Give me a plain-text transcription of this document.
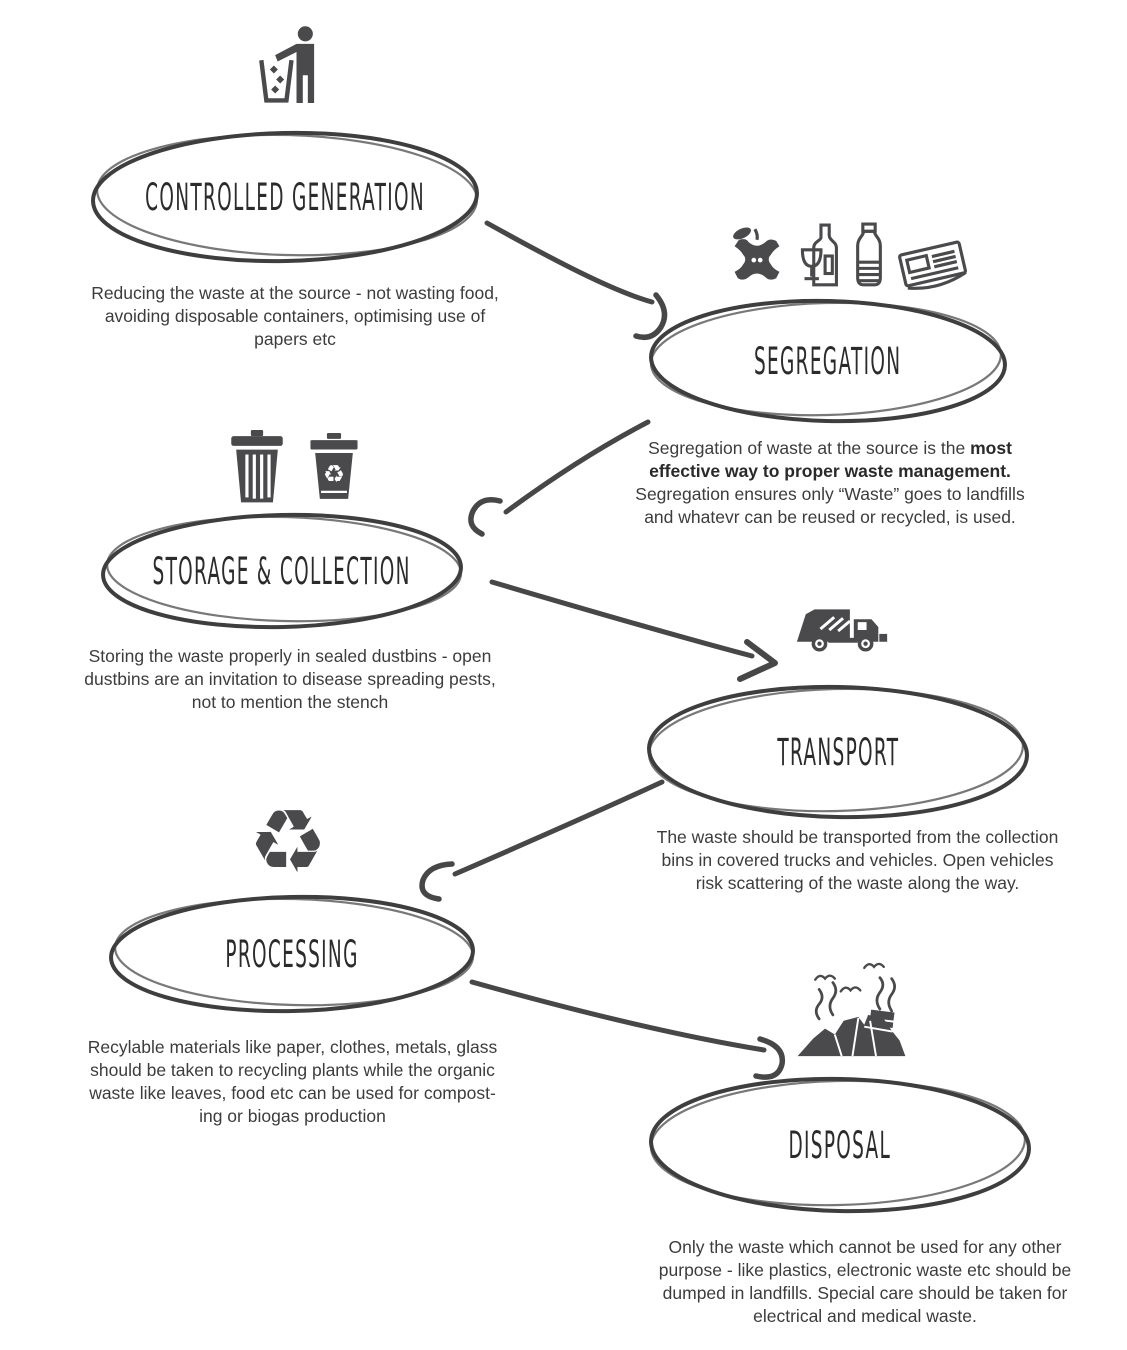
CONTROLLED GENERATION
Reducing the waste at the source - not wasting food,
avoiding disposable containers, optimising use of
papers etc
SEGREGATION
Segregation of waste at the source is the most
effective way to proper waste management.
Segregation ensures only “Waste” goes to landfills
and whatevr can be reused or recycled, is used.
♻
STORAGE & COLLECTION
Storing the waste properly in sealed dustbins - open
dustbins are an invitation to disease spreading pests,
not to mention the stench
TRANSPORT
The waste should be transported from the collection
bins in covered trucks and vehicles. Open vehicles
risk scattering of the waste along the way.
♻
PROCESSING
Recylable materials like paper, clothes, metals, glass
should be taken to recycling plants while the organic
waste like leaves, food etc can be used for compost-
ing or biogas production
DISPOSAL
Only the waste which cannot be used for any other
purpose - like plastics, electronic waste etc should be
dumped in landfills. Special care should be taken for
electrical and medical waste.
